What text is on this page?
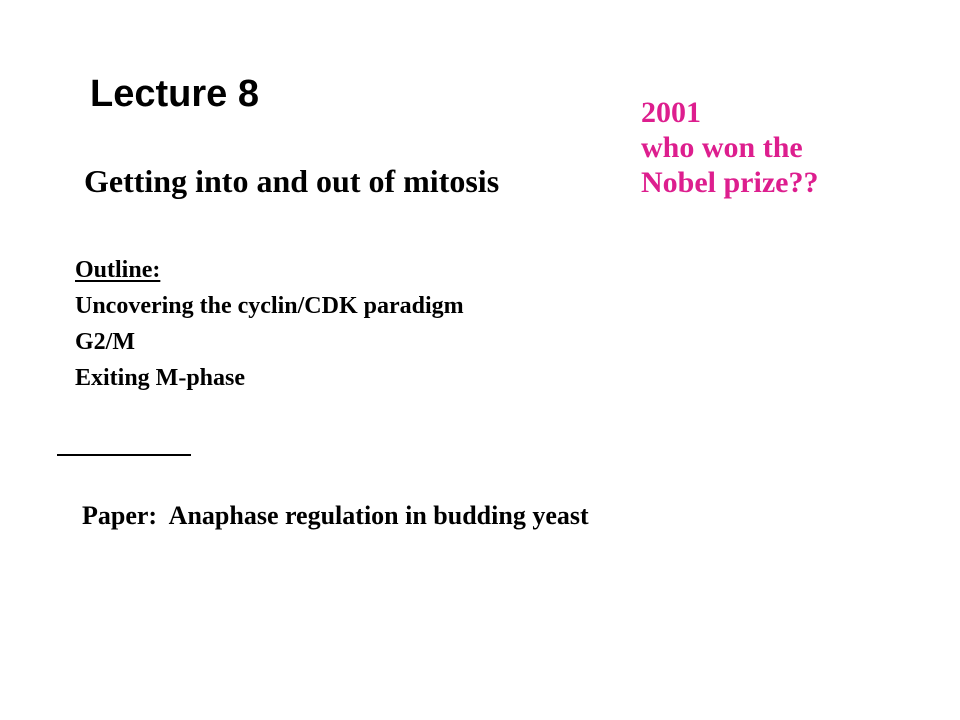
Lecture 8
Getting into and out of mitosis
2001
who won the
Nobel prize??
Outline:
Uncovering the cyclin/CDK paradigm
G2/M
Exiting M-phase
Paper: Anaphase regulation in budding yeast
